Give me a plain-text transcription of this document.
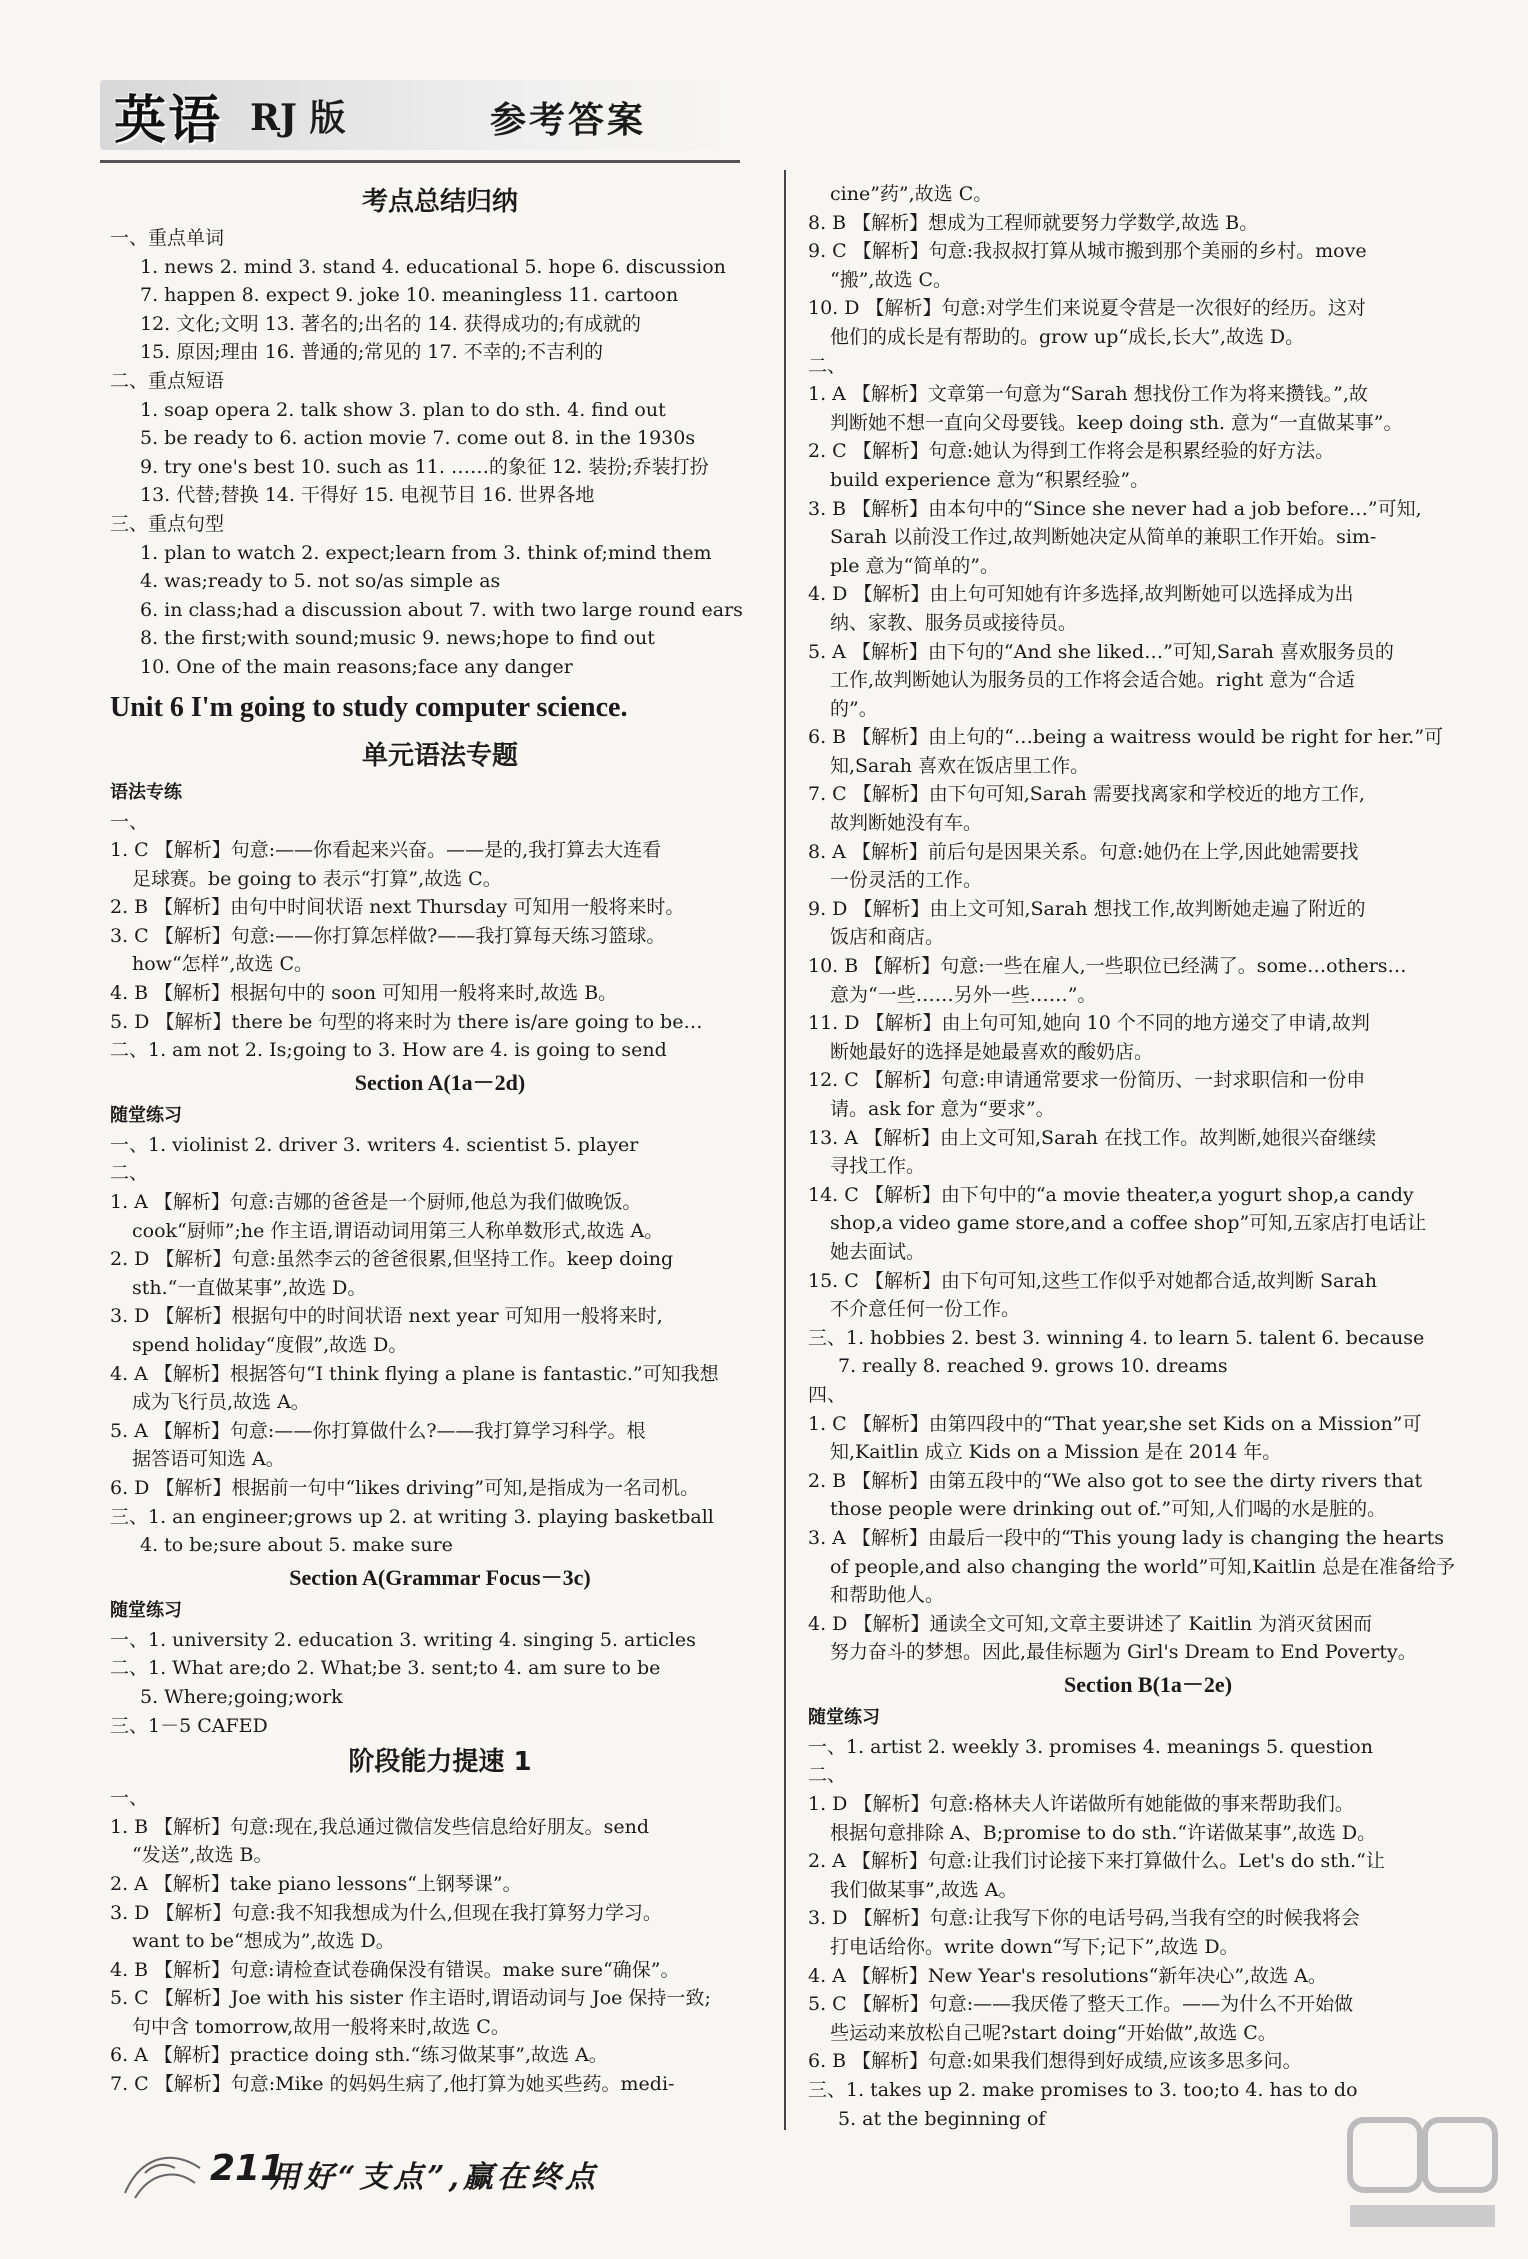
英语 RJ 版	参考答案
考点总结归纳
一、重点单词
1. news 2. mind 3. stand 4. educational 5. hope 6. discussion
7. happen 8. expect 9. joke 10. meaningless 11. cartoon
12. 文化;文明 13. 著名的;出名的 14. 获得成功的;有成就的
15. 原因;理由 16. 普通的;常见的 17. 不幸的;不吉利的
二、重点短语
1. soap opera 2. talk show 3. plan to do sth. 4. find out
5. be ready to 6. action movie 7. come out 8. in the 1930s
9. try one's best 10. such as 11. ……的象征 12. 装扮;乔装打扮
13. 代替;替换 14. 干得好 15. 电视节目 16. 世界各地
三、重点句型
1. plan to watch 2. expect;learn from 3. think of;mind them
4. was;ready to 5. not so/as simple as
6. in class;had a discussion about 7. with two large round ears
8. the first;with sound;music 9. news;hope to find out
10. One of the main reasons;face any danger
Unit 6 I'm going to study computer science.
单元语法专题
语法专练
一、
1. C 【解析】句意:——你看起来兴奋。——是的,我打算去大连看
足球赛。be going to 表示“打算”,故选 C。
2. B 【解析】由句中时间状语 next Thursday 可知用一般将来时。
3. C 【解析】句意:——你打算怎样做?——我打算每天练习篮球。
how“怎样”,故选 C。
4. B 【解析】根据句中的 soon 可知用一般将来时,故选 B。
5. D 【解析】there be 句型的将来时为 there is/are going to be…
二、1. am not 2. Is;going to 3. How are 4. is going to send
Section A(1a－2d)
随堂练习
一、1. violinist 2. driver 3. writers 4. scientist 5. player
二、
1. A 【解析】句意:吉娜的爸爸是一个厨师,他总为我们做晚饭。
cook“厨师”;he 作主语,谓语动词用第三人称单数形式,故选 A。
2. D 【解析】句意:虽然李云的爸爸很累,但坚持工作。keep doing
sth.“一直做某事”,故选 D。
3. D 【解析】根据句中的时间状语 next year 可知用一般将来时,
spend holiday“度假”,故选 D。
4. A 【解析】根据答句“I think flying a plane is fantastic.”可知我想
成为飞行员,故选 A。
5. A 【解析】句意:——你打算做什么?——我打算学习科学。根
据答语可知选 A。
6. D 【解析】根据前一句中“likes driving”可知,是指成为一名司机。
三、1. an engineer;grows up 2. at writing 3. playing basketball
4. to be;sure about 5. make sure
Section A(Grammar Focus－3c)
随堂练习
一、1. university 2. education 3. writing 4. singing 5. articles
二、1. What are;do 2. What;be 3. sent;to 4. am sure to be
5. Where;going;work
三、1－5 CAFED
阶段能力提速 1
一、
1. B 【解析】句意:现在,我总通过微信发些信息给好朋友。send
“发送”,故选 B。
2. A 【解析】take piano lessons“上钢琴课”。
3. D 【解析】句意:我不知我想成为什么,但现在我打算努力学习。
want to be“想成为”,故选 D。
4. B 【解析】句意:请检查试卷确保没有错误。make sure“确保”。
5. C 【解析】Joe with his sister 作主语时,谓语动词与 Joe 保持一致;
句中含 tomorrow,故用一般将来时,故选 C。
6. A 【解析】practice doing sth.“练习做某事”,故选 A。
7. C 【解析】句意:Mike 的妈妈生病了,他打算为她买些药。medi-
cine”药”,故选 C。
8. B 【解析】想成为工程师就要努力学数学,故选 B。
9. C 【解析】句意:我叔叔打算从城市搬到那个美丽的乡村。move
“搬”,故选 C。
10. D 【解析】句意:对学生们来说夏令营是一次很好的经历。这对
他们的成长是有帮助的。grow up“成长,长大”,故选 D。
二、
1. A 【解析】文章第一句意为“Sarah 想找份工作为将来攒钱。”,故
判断她不想一直向父母要钱。keep doing sth. 意为“一直做某事”。
2. C 【解析】句意:她认为得到工作将会是积累经验的好方法。
build experience 意为“积累经验”。
3. B 【解析】由本句中的“Since she never had a job before…”可知,
Sarah 以前没工作过,故判断她决定从简单的兼职工作开始。sim-
ple 意为“简单的”。
4. D 【解析】由上句可知她有许多选择,故判断她可以选择成为出
纳、家教、服务员或接待员。
5. A 【解析】由下句的“And she liked…”可知,Sarah 喜欢服务员的
工作,故判断她认为服务员的工作将会适合她。right 意为“合适
的”。
6. B 【解析】由上句的“…being a waitress would be right for her.”可
知,Sarah 喜欢在饭店里工作。
7. C 【解析】由下句可知,Sarah 需要找离家和学校近的地方工作,
故判断她没有车。
8. A 【解析】前后句是因果关系。句意:她仍在上学,因此她需要找
一份灵活的工作。
9. D 【解析】由上文可知,Sarah 想找工作,故判断她走遍了附近的
饭店和商店。
10. B 【解析】句意:一些在雇人,一些职位已经满了。some…others…
意为“一些……另外一些……”。
11. D 【解析】由上句可知,她向 10 个不同的地方递交了申请,故判
断她最好的选择是她最喜欢的酸奶店。
12. C 【解析】句意:申请通常要求一份简历、一封求职信和一份申
请。ask for 意为“要求”。
13. A 【解析】由上文可知,Sarah 在找工作。故判断,她很兴奋继续
寻找工作。
14. C 【解析】由下句中的“a movie theater,a yogurt shop,a candy
shop,a video game store,and a coffee shop”可知,五家店打电话让
她去面试。
15. C 【解析】由下句可知,这些工作似乎对她都合适,故判断 Sarah
不介意任何一份工作。
三、1. hobbies 2. best 3. winning 4. to learn 5. talent 6. because
7. really 8. reached 9. grows 10. dreams
四、
1. C 【解析】由第四段中的“That year,she set Kids on a Mission”可
知,Kaitlin 成立 Kids on a Mission 是在 2014 年。
2. B 【解析】由第五段中的“We also got to see the dirty rivers that
those people were drinking out of.”可知,人们喝的水是脏的。
3. A 【解析】由最后一段中的“This young lady is changing the hearts
of people,and also changing the world”可知,Kaitlin 总是在准备给予
和帮助他人。
4. D 【解析】通读全文可知,文章主要讲述了 Kaitlin 为消灭贫困而
努力奋斗的梦想。因此,最佳标题为 Girl's Dream to End Poverty。
Section B(1a－2e)
随堂练习
一、1. artist 2. weekly 3. promises 4. meanings 5. question
二、
1. D 【解析】句意:格林夫人许诺做所有她能做的事来帮助我们。
根据句意排除 A、B;promise to do sth.“许诺做某事”,故选 D。
2. A 【解析】句意:让我们讨论接下来打算做什么。Let's do sth.“让
我们做某事”,故选 A。
3. D 【解析】句意:让我写下你的电话号码,当我有空的时候我将会
打电话给你。write down“写下;记下”,故选 D。
4. A 【解析】New Year's resolutions“新年决心”,故选 A。
5. C 【解析】句意:——我厌倦了整天工作。——为什么不开始做
些运动来放松自己呢?start doing“开始做”,故选 C。
6. B 【解析】句意:如果我们想得到好成绩,应该多思多问。
三、1. takes up 2. make promises to 3. too;to 4. has to do
5. at the beginning of
211
用好“支点”,赢在终点
